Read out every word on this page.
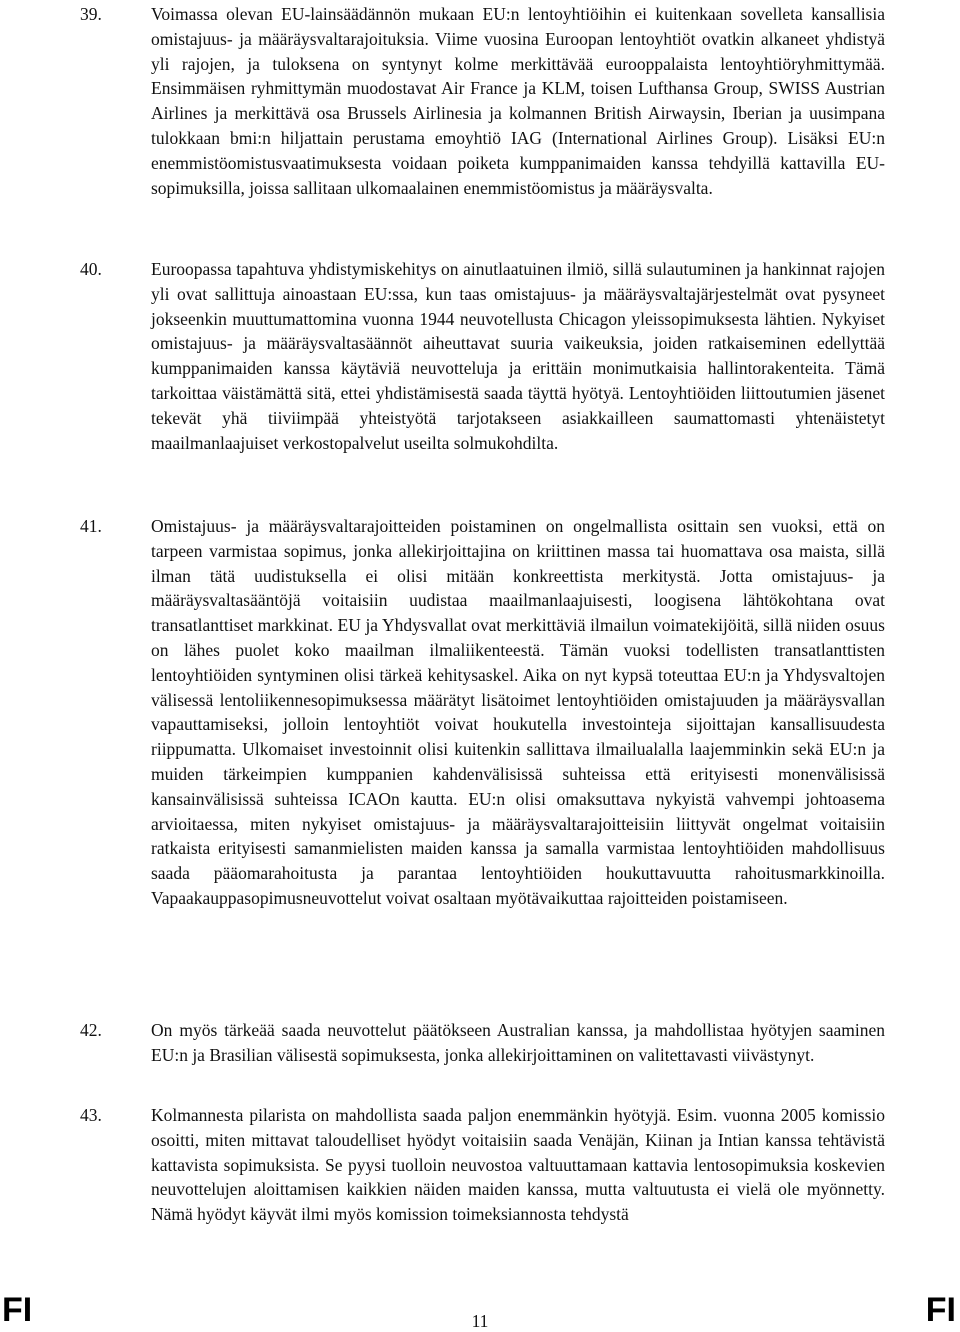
39.	Voimassa olevan EU-lainsäädännön mukaan EU:n lentoyhtiöihin ei kuitenkaan sovelleta kansallisia omistajuus- ja määräysvaltarajoituksia. Viime vuosina Euroopan lentoyhtiöt ovatkin alkaneet yhdistyä yli rajojen, ja tuloksena on syntynyt kolme merkittävää eurooppalaista lentoyhtiöryhmittymää. Ensimmäisen ryhmittymän muodostavat Air France ja KLM, toisen Lufthansa Group, SWISS Austrian Airlines ja merkittävä osa Brussels Airlinesia ja kolmannen British Airwaysin, Iberian ja uusimpana tulokkaan bmi:n hiljattain perustama emoyhtiö IAG (International Airlines Group). Lisäksi EU:n enemmistöomistusvaatimuksesta voidaan poiketa kumppanimaiden kanssa tehdyillä kattavilla EU-sopimuksilla, joissa sallitaan ulkomaalainen enemmistöomistus ja määräysvalta.
40.	Euroopassa tapahtuva yhdistymiskehitys on ainutlaatuinen ilmiö, sillä sulautuminen ja hankinnat rajojen yli ovat sallittuja ainoastaan EU:ssa, kun taas omistajuus- ja määräysvaltajärjestelmät ovat pysyneet jokseenkin muuttumattomina vuonna 1944 neuvotellusta Chicagon yleissopimuksesta lähtien. Nykyiset omistajuus- ja määräysvaltasäännöt aiheuttavat suuria vaikeuksia, joiden ratkaiseminen edellyttää kumppanimaiden kanssa käytäviä neuvotteluja ja erittäin monimutkaisia hallintorakenteita. Tämä tarkoittaa väistämättä sitä, ettei yhdistämisestä saada täyttä hyötyä. Lentoyhtiöiden liittoutumien jäsenet tekevät yhä tiiviimpää yhteistyötä tarjotakseen asiakkailleen saumattomasti yhtenäistetyt maailmanlaajuiset verkostopalvelut useilta solmukohdilta.
41.	Omistajuus- ja määräysvaltarajoitteiden poistaminen on ongelmallista osittain sen vuoksi, että on tarpeen varmistaa sopimus, jonka allekirjoittajina on kriittinen massa tai huomattava osa maista, sillä ilman tätä uudistuksella ei olisi mitään konkreettista merkitystä. Jotta omistajuus- ja määräysvaltasääntöjä voitaisiin uudistaa maailmanlaajuisesti, loogisena lähtökohtana ovat transatlanttiset markkinat. EU ja Yhdysvallat ovat merkittäviä ilmailun voimatekijöitä, sillä niiden osuus on lähes puolet koko maailman ilmaliikenteestä. Tämän vuoksi todellisten transatlanttisten lentoyhtiöiden syntyminen olisi tärkeä kehitysaskel. Aika on nyt kypsä toteuttaa EU:n ja Yhdysvaltojen välisessä lentoliikennesopimuksessa määrätyt lisätoimet lentoyhtiöiden omistajuuden ja määräysvallan vapauttamiseksi, jolloin lentoyhtiöt voivat houkutella investointeja sijoittajan kansallisuudesta riippumatta. Ulkomaiset investoinnit olisi kuitenkin sallittava ilmailualalla laajemminkin sekä EU:n ja muiden tärkeimpien kumppanien kahdenvälisissä suhteissa että erityisesti monenvälisissä kansainvälisissä suhteissa ICAOn kautta. EU:n olisi omaksuttava nykyistä vahvempi johtoasema arvioitaessa, miten nykyiset omistajuus- ja määräysvaltarajoitteisiin liittyvät ongelmat voitaisiin ratkaista erityisesti samanmielisten maiden kanssa ja samalla varmistaa lentoyhtiöiden mahdollisuus saada pääomarahoitusta ja parantaa lentoyhtiöiden houkuttavuutta rahoitusmarkkinoilla. Vapaakauppasopimusneuvottelut voivat osaltaan myötävaikuttaa rajoitteiden poistamiseen.
42.	On myös tärkeää saada neuvottelut päätökseen Australian kanssa, ja mahdollistaa hyötyjen saaminen EU:n ja Brasilian välisestä sopimuksesta, jonka allekirjoittaminen on valitettavasti viivästynyt.
43.	Kolmannesta pilarista on mahdollista saada paljon enemmänkin hyötyjä. Esim. vuonna 2005 komissio osoitti, miten mittavat taloudelliset hyödyt voitaisiin saada Venäjän, Kiinan ja Intian kanssa tehtävistä kattavista sopimuksista. Se pyysi tuolloin neuvostoa valtuuttamaan kattavia lentosopimuksia koskevien neuvottelujen aloittamisen kaikkien näiden maiden kanssa, mutta valtuutusta ei vielä ole myönnetty. Nämä hyödyt käyvät ilmi myös komission toimeksiannosta tehdystä
FI	11	FI
